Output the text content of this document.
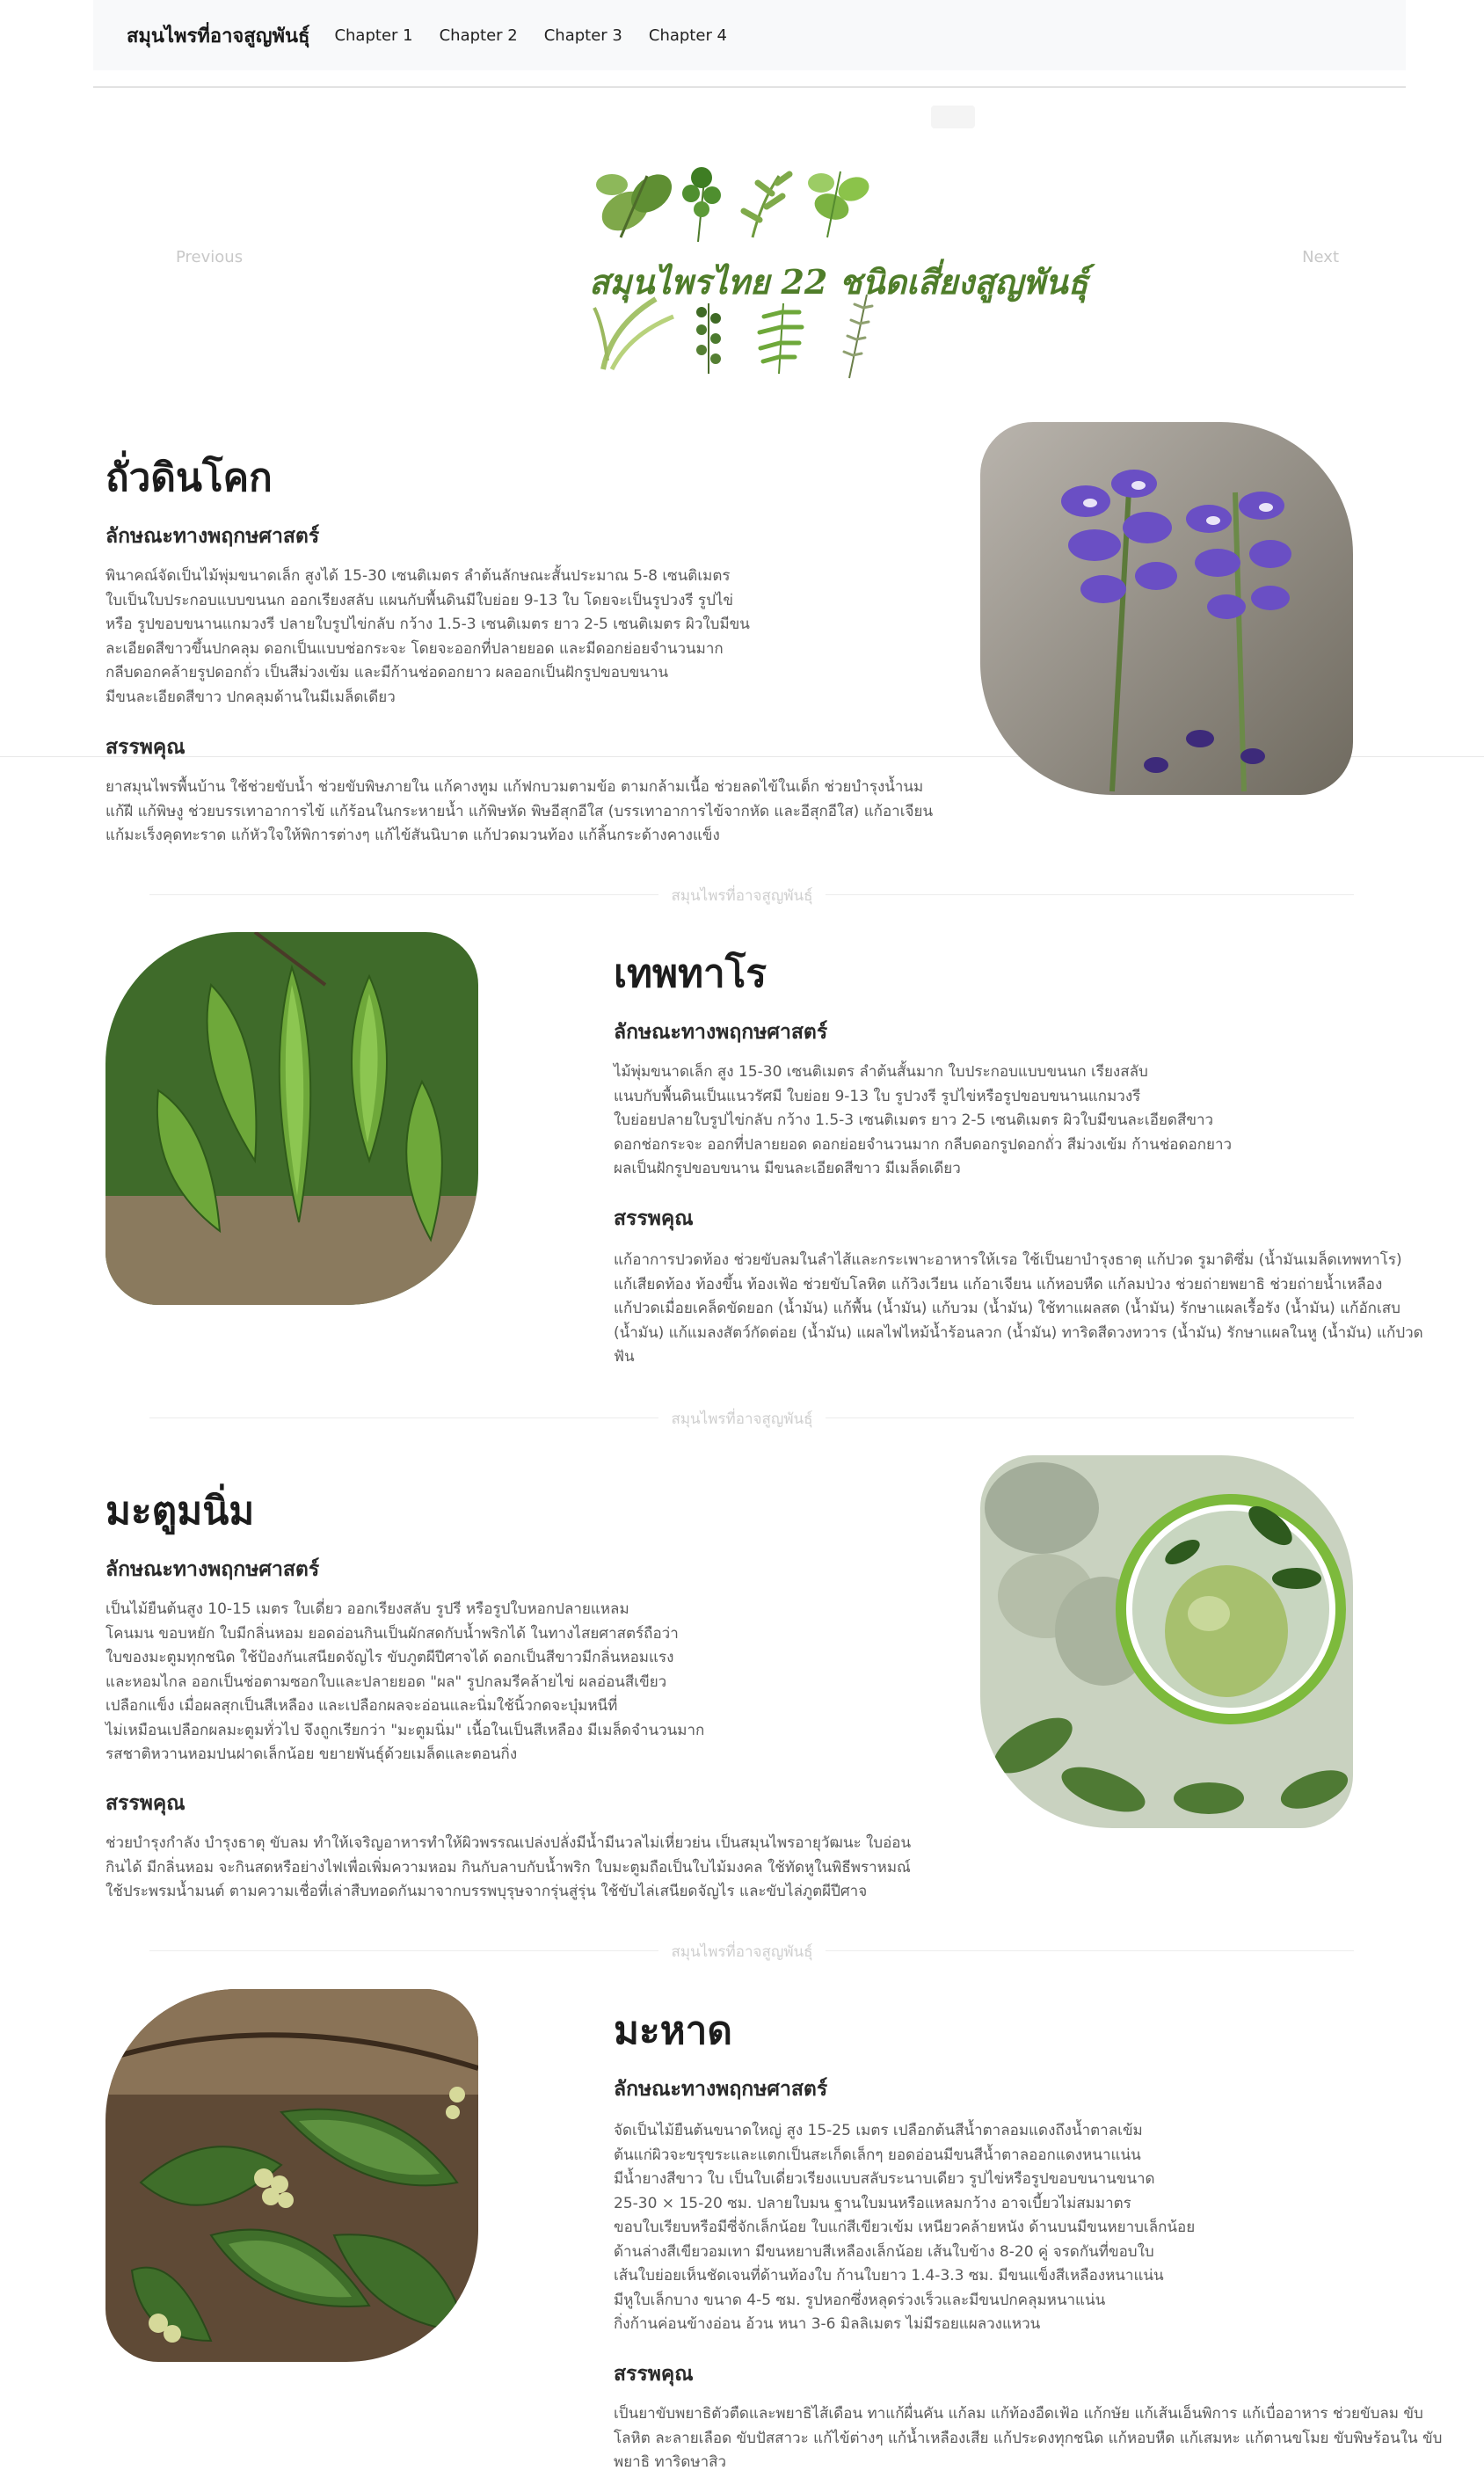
สมุนไพรที่อาจสูญพันธุ์ Chapter 1 Chapter 2 Chapter 3 Chapter 4
Previous	Next
สมุนไพรไทย 22 ชนิดเสี่ยงสูญพันธุ์
ถั่วดินโคก
ลักษณะทางพฤกษศาสตร์
พินาคณ์จัดเป็นไม้พุ่มขนาดเล็ก สูงได้ 15-30 เซนติเมตร ลำต้นลักษณะสั้นประมาณ 5-8 เซนติเมตร
ใบเป็นใบประกอบแบบขนนก ออกเรียงสลับ แผนกับพื้นดินมีใบย่อย 9-13 ใบ โดยจะเป็นรูปวงรี รูปไข่
หรือ รูปขอบขนานแกมวงรี ปลายใบรูปไข่กลับ กว้าง 1.5-3 เซนติเมตร ยาว 2-5 เซนติเมตร ผิวใบมีขน
ละเอียดสีขาวขึ้นปกคลุม ดอกเป็นแบบช่อกระจะ โดยจะออกที่ปลายยอด และมีดอกย่อยจำนวนมาก
กลีบดอกคล้ายรูปดอกถั่ว เป็นสีม่วงเข้ม และมีก้านช่อดอกยาว ผลออกเป็นฝักรูปขอบขนาน
มีขนละเอียดสีขาว ปกคลุมด้านในมีเมล็ดเดียว
สรรพคุณ
ยาสมุนไพรพื้นบ้าน ใช้ช่วยขับน้ำ ช่วยขับพิษภายใน แก้คางทูม แก้ฟกบวมตามข้อ ตามกล้ามเนื้อ ช่วยลดไข้ในเด็ก ช่วยบำรุงน้ำนม
แก้ฝี แก้พิษงู ช่วยบรรเทาอาการไข้ แก้ร้อนในกระหายน้ำ แก้พิษหัด พิษอีสุกอีใส (บรรเทาอาการไข้จากหัด และอีสุกอีใส) แก้อาเจียน
แก้มะเร็งคุดทะราด แก้หัวใจให้พิการต่างๆ แก้ไข้สันนิบาต แก้ปวดมวนท้อง แก้ลิ้นกระด้างคางแข็ง
สมุนไพรที่อาจสูญพันธุ์
เทพทาโร
ลักษณะทางพฤกษศาสตร์
ไม้พุ่มขนาดเล็ก สูง 15-30 เซนติเมตร ลำต้นสั้นมาก ใบประกอบแบบขนนก เรียงสลับ
แนบกับพื้นดินเป็นแนวรัศมี ใบย่อย 9-13 ใบ รูปวงรี รูปไข่หรือรูปขอบขนานแกมวงรี
ใบย่อยปลายใบรูปไข่กลับ กว้าง 1.5-3 เซนติเมตร ยาว 2-5 เซนติเมตร ผิวใบมีขนละเอียดสีขาว
ดอกช่อกระจะ ออกที่ปลายยอด ดอกย่อยจำนวนมาก กลีบดอกรูปดอกถั่ว สีม่วงเข้ม ก้านช่อดอกยาว
ผลเป็นฝักรูปขอบขนาน มีขนละเอียดสีขาว มีเมล็ดเดียว
สรรพคุณ
แก้อาการปวดท้อง ช่วยขับลมในลำไส้และกระเพาะอาหารให้เรอ ใช้เป็นยาบำรุงธาตุ แก้ปวด รูมาติซึ่ม (น้ำมันเมล็ดเทพทาโร)
แก้เสียดท้อง ท้องขึ้น ท้องเฟ้อ ช่วยขับโลหิต แก้วิงเวียน แก้อาเจียน แก้หอบหืด แก้ลมป่วง ช่วยถ่ายพยาธิ ช่วยถ่ายน้ำเหลือง
แก้ปวดเมื่อยเคล็ดขัดยอก (น้ำมัน) แก้พื้น (น้ำมัน) แก้บวม (น้ำมัน) ใช้ทาแผลสด (น้ำมัน) รักษาแผลเรื้อรัง (น้ำมัน) แก้อักเสบ
(น้ำมัน) แก้แมลงสัตว์กัดต่อย (น้ำมัน) แผลไฟไหม้น้ำร้อนลวก (น้ำมัน) ทาริดสีดวงทวาร (น้ำมัน) รักษาแผลในหู (น้ำมัน) แก้ปวด
ฟัน
สมุนไพรที่อาจสูญพันธุ์
มะตูมนิ่ม
ลักษณะทางพฤกษศาสตร์
เป็นไม้ยืนต้นสูง 10-15 เมตร ใบเดี่ยว ออกเรียงสลับ รูปรี หรือรูปใบหอกปลายแหลม
โคนมน ขอบหยัก ใบมีกลิ่นหอม ยอดอ่อนกินเป็นผักสดกับน้ำพริกได้ ในทางไสยศาสตร์ถือว่า
ใบของมะตูมทุกชนิด ใช้ป้องกันเสนียดจัญไร ขับภูตผีปีศาจได้ ดอกเป็นสีขาวมีกลิ่นหอมแรง
และหอมไกล ออกเป็นช่อตามซอกใบและปลายยอด "ผล" รูปกลมรีคล้ายไข่ ผลอ่อนสีเขียว
เปลือกแข็ง เมื่อผลสุกเป็นสีเหลือง และเปลือกผลจะอ่อนและนิ่มใช้นิ้วกดจะบุ๋มหนีที่
ไม่เหมือนเปลือกผลมะตูมทั่วไป จึงถูกเรียกว่า "มะตูมนิ่ม" เนื้อในเป็นสีเหลือง มีเมล็ดจำนวนมาก
รสชาติหวานหอมปนฝาดเล็กน้อย ขยายพันธุ์ด้วยเมล็ดและตอนกิ่ง
สรรพคุณ
ช่วยบำรุงกำลัง บำรุงธาตุ ขับลม ทำให้เจริญอาหารทำให้ผิวพรรณเปล่งปลั่งมีน้ำมีนวลไม่เหี่ยวย่น เป็นสมุนไพรอายุวัฒนะ ใบอ่อน
กินได้ มีกลิ่นหอม จะกินสดหรือย่างไฟเพื่อเพิ่มความหอม กินกับลาบกับน้ำพริก ใบมะตูมถือเป็นใบไม้มงคล ใช้ทัดหูในพิธีพราหมณ์
ใช้ประพรมน้ำมนต์ ตามความเชื่อที่เล่าสืบทอดกันมาจากบรรพบุรุษจากรุ่นสู่รุ่น ใช้ขับไล่เสนียดจัญไร และขับไล่ภูตผีปีศาจ
สมุนไพรที่อาจสูญพันธุ์
มะหาด
ลักษณะทางพฤกษศาสตร์
จัดเป็นไม้ยืนต้นขนาดใหญ่ สูง 15-25 เมตร เปลือกต้นสีน้ำตาลอมแดงถึงน้ำตาลเข้ม
ต้นแก่ผิวจะขรุขระและแตกเป็นสะเก็ดเล็กๆ ยอดอ่อนมีขนสีน้ำตาลออกแดงหนาแน่น
มีน้ำยางสีขาว ใบ เป็นใบเดี่ยวเรียงแบบสลับระนาบเดียว รูปไข่หรือรูปขอบขนานขนาด
25-30 × 15-20 ซม. ปลายใบมน ฐานใบมนหรือแหลมกว้าง อาจเบี้ยวไม่สมมาตร
ขอบใบเรียบหรือมีซี่จักเล็กน้อย ใบแก่สีเขียวเข้ม เหนียวคล้ายหนัง ด้านบนมีขนหยาบเล็กน้อย
ด้านล่างสีเขียวอมเทา มีขนหยาบสีเหลืองเล็กน้อย เส้นใบข้าง 8-20 คู่ จรดกันที่ขอบใบ
เส้นใบย่อยเห็นชัดเจนที่ด้านท้องใบ ก้านใบยาว 1.4-3.3 ซม. มีขนแข็งสีเหลืองหนาแน่น
มีหูใบเล็กบาง ขนาด 4-5 ซม. รูปหอกซึ่งหลุดร่วงเร็วและมีขนปกคลุมหนาแน่น
กิ่งก้านค่อนข้างอ่อน อ้วน หนา 3-6 มิลลิเมตร ไม่มีรอยแผลวงแหวน
สรรพคุณ
เป็นยาขับพยาธิตัวตืดและพยาธิไส้เดือน ทาแก้ผื่นคัน แก้ลม แก้ท้องอืดเฟ้อ แก้กษัย แก้เส้นเอ็นพิการ แก้เบื่ออาหาร ช่วยขับลม ขับ
โลหิต ละลายเลือด ขับปัสสาวะ แก้ไข้ต่างๆ แก้น้ำเหลืองเสีย แก้ประดงทุกชนิด แก้หอบหืด แก้เสมหะ แก้ตานขโมย ขับพิษร้อนใน ขับ
พยาธิ ทาริดษาสิว
